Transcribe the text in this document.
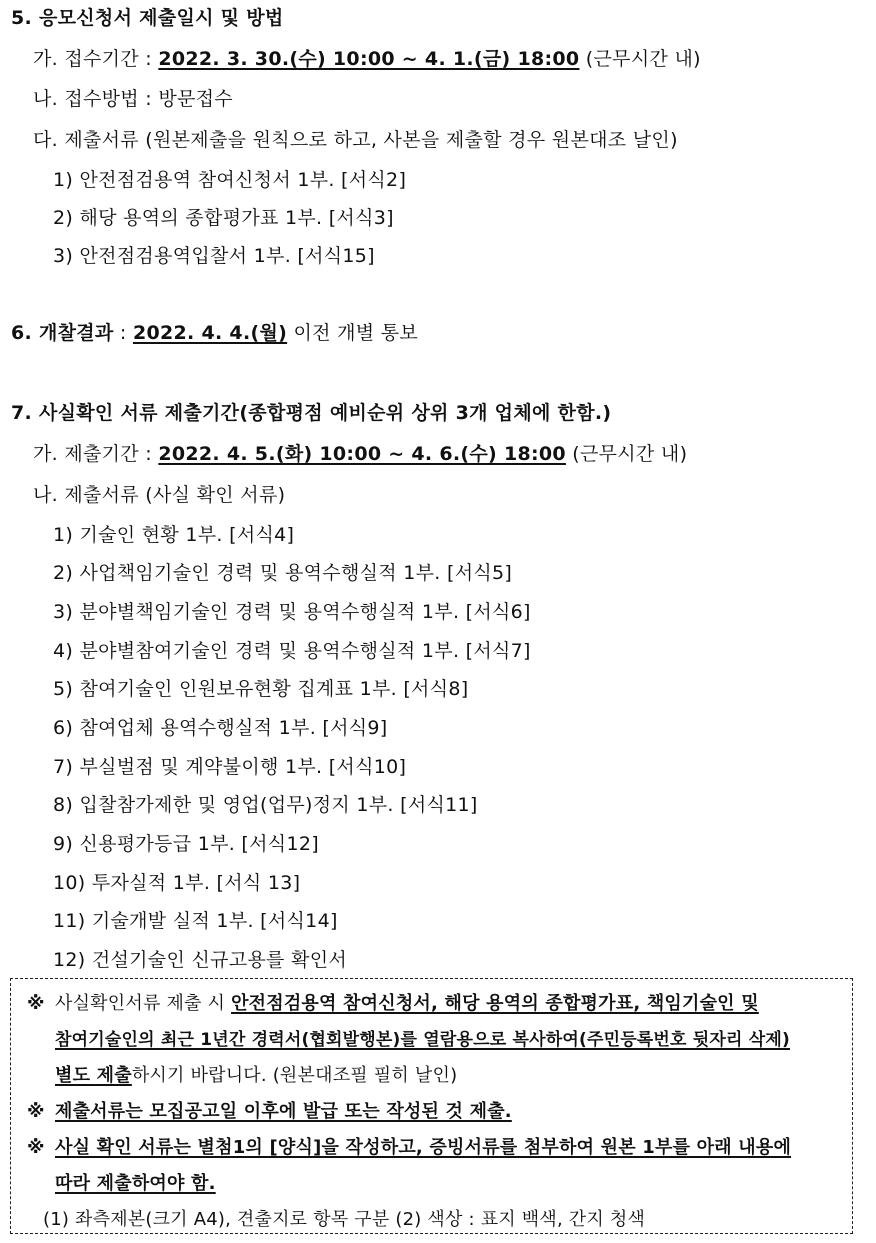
5. 응모신청서 제출일시 및 방법
가. 접수기간 : 2022. 3. 30.(수) 10:00 ~ 4. 1.(금) 18:00 (근무시간 내)
나. 접수방법 : 방문접수
다. 제출서류 (원본제출을 원칙으로 하고, 사본을 제출할 경우 원본대조 날인)
1) 안전점검용역 참여신청서 1부. [서식2]
2) 해당 용역의 종합평가표 1부. [서식3]
3) 안전점검용역입찰서 1부. [서식15]
6. 개찰결과 : 2022. 4. 4.(월) 이전 개별 통보
7. 사실확인 서류 제출기간(종합평점 예비순위 상위 3개 업체에 한함.)
가. 제출기간 : 2022. 4. 5.(화) 10:00 ~ 4. 6.(수) 18:00 (근무시간 내)
나. 제출서류 (사실 확인 서류)
1) 기술인 현황 1부. [서식4]
2) 사업책임기술인 경력 및 용역수행실적 1부. [서식5]
3) 분야별책임기술인 경력 및 용역수행실적 1부. [서식6]
4) 분야별참여기술인 경력 및 용역수행실적 1부. [서식7]
5) 참여기술인 인원보유현황 집계표 1부. [서식8]
6) 참여업체 용역수행실적 1부. [서식9]
7) 부실벌점 및 계약불이행 1부. [서식10]
8) 입찰참가제한 및 영업(업무)정지 1부. [서식11]
9) 신용평가등급 1부. [서식12]
10) 투자실적 1부. [서식 13]
11) 기술개발 실적 1부. [서식14]
12) 건설기술인 신규고용를 확인서
※ 사실확인서류 제출 시 안전점검용역 참여신청서, 해당 용역의 종합평가표, 책임기술인 및
참여기술인의 최근 1년간 경력서(협회발행본)를 열람용으로 복사하여(주민등록번호 뒷자리 삭제)
별도 제출하시기 바랍니다. (원본대조필 필히 날인)
※ 제출서류는 모집공고일 이후에 발급 또는 작성된 것 제출.
※ 사실 확인 서류는 별첨1의 [양식]을 작성하고, 증빙서류를 첨부하여 원본 1부를 아래 내용에
따라 제출하여야 함.
(1) 좌측제본(크기 A4), 견출지로 항목 구분 (2) 색상 : 표지 백색, 간지 청색
